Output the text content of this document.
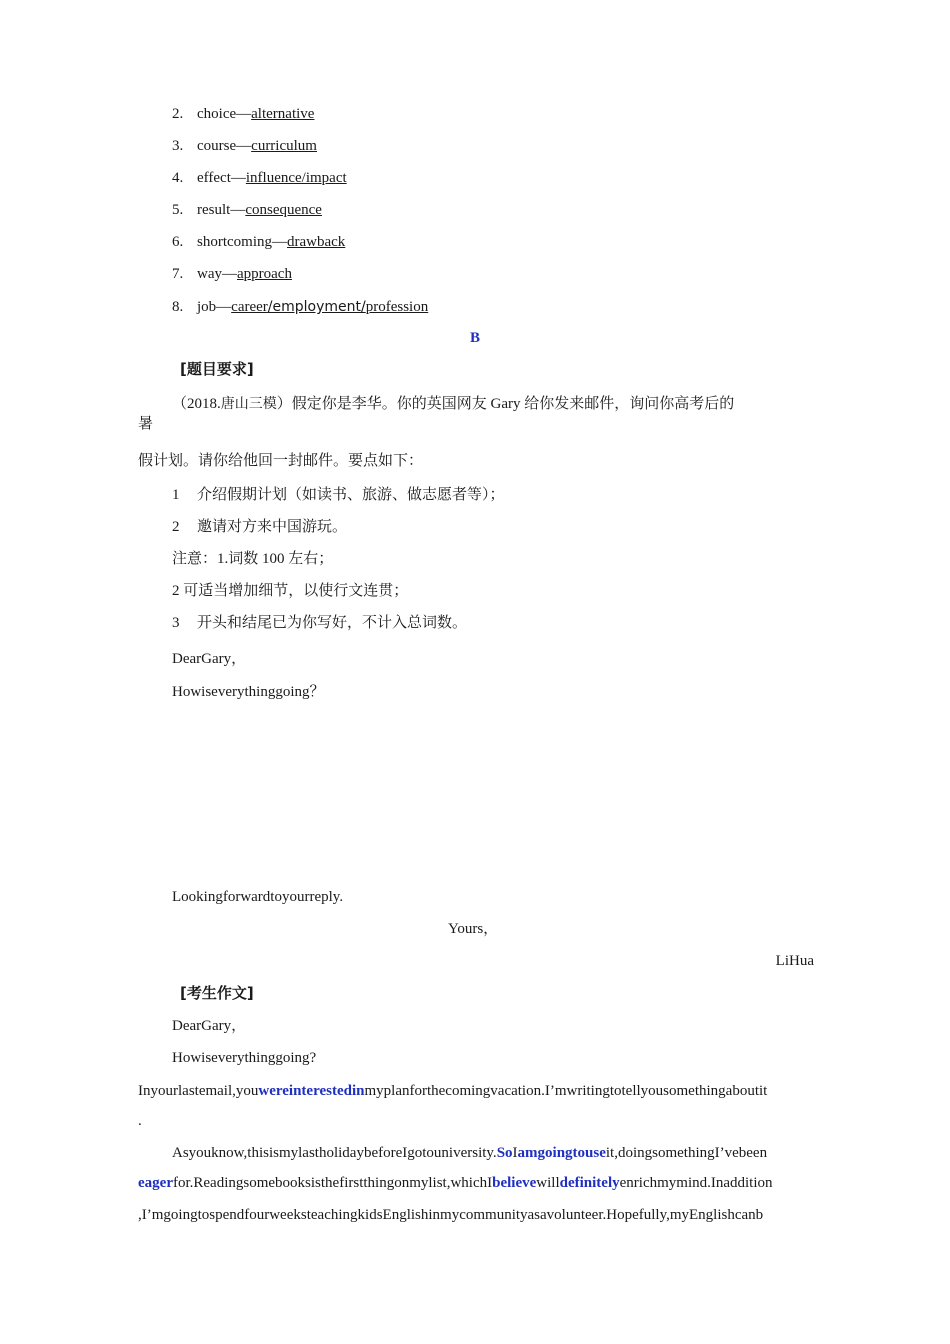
2. choice—alternative
3. course—curriculum
4. effect—influence/impact
5. result—consequence
6. shortcoming—drawback
7. way—approach
8. job—career/employment/profession
B
[题目要求]
（2018.唐山三模）假定你是李华。你的英国网友 Gary 给你发来邮件，询问你高考后的
暑
假计划。请你给他回一封邮件。要点如下：
1 介绍假期计划（如读书、旅游、做志愿者等）；
2 邀请对方来中国游玩。
注意：1.词数 100 左右；
2 可适当增加细节，以使行文连贯；
3 开头和结尾已为你写好，不计入总词数。
DearGary，
Howiseverythinggoing？
Lookingforwardtoyourreply.
Yours，
LiHua
[考生作文]
DearGary，
Howiseverythinggoing?
Inyourlastemail,youwereinterestedinmyplanforthecomingvacation.I’mwritingtotellyousomethingaboutit
.
Asyouknow,thisismylastholidaybeforeIgotouniversity.SoIamgoingtouseit,doingsomethingI’vebeen
eagerfor.Readingsomebooksisthefirstthingonmylist,whichIbelievewilldefinitelyenrichmymind.Inaddition
,I’mgoingtospendfourweeksteachingkidsEnglishinmycommunityasavolunteer.Hopefully,myEnglishcanb
